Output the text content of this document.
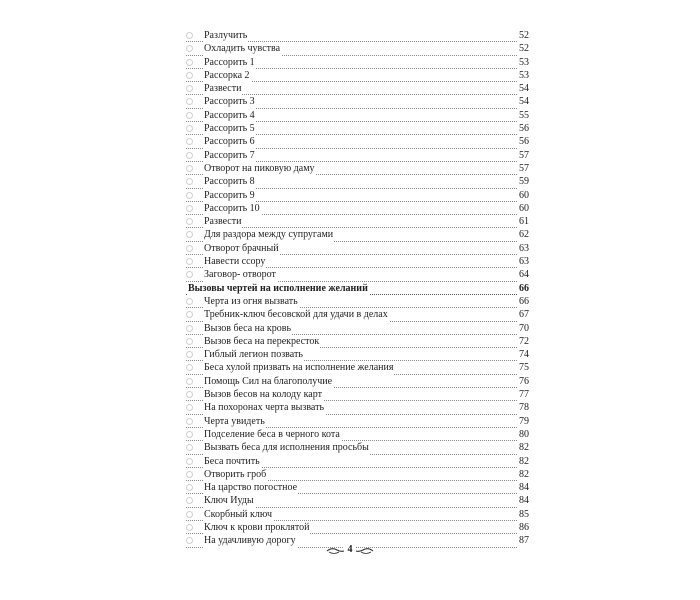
Разлучить	52
Охладить чувства	52
Рассорить 1	53
Рассорка 2	53
Развести	54
Рассорить 3	54
Рассорить 4	55
Рассорить 5	56
Рассорить 6	56
Рассорить 7	57
Отворот на пиковую даму	57
Рассорить 8	59
Рассорить 9	60
Рассорить 10	60
Развести	61
Для раздора между супругами	62
Отворот брачный	63
Навести ссору	63
Заговор- отворот	64
Вызовы чертей на исполнение желаний	66
Черта из огня вызвать	66
Требник-ключ бесовской для удачи в делах	67
Вызов беса на кровь	70
Вызов беса на перекресток	72
Гиблый легион позвать	74
Беса хулой призвать на исполнение желания	75
Помощь Сил на благополучие	76
Вызов бесов на колоду карт	77
На похоронах черта вызвать	78
Черта увидеть	79
Подселение беса в черного кота	80
Вызвать беса для исполнения просьбы	82
Беса почтить	82
Отворить гроб	82
На царство погостное	84
Ключ Иуды	84
Скорбный ключ	85
Ключ к крови проклятой	86
На удачливую дорогу	87
4
